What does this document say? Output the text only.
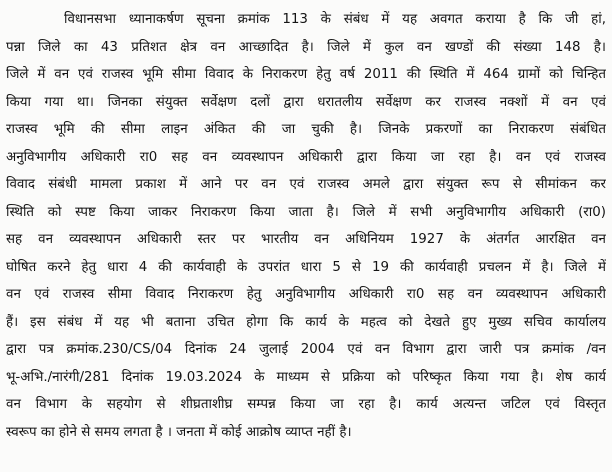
विधानसभा ध्यानाकर्षण सूचना क्रमांक 113 के संबंध में यह अवगत कराया है कि जी हां,
पन्ना जिले का 43 प्रतिशत क्षेत्र वन आच्छादित है। जिले में कुल वन खण्डों की संख्या 148 है।
जिले में वन एवं राजस्व भूमि सीमा विवाद के निराकरण हेतु वर्ष 2011 की स्थिति में 464 ग्रामों को चिन्हित
किया गया था। जिनका संयुक्त सर्वेक्षण दलों द्वारा धरातलीय सर्वेक्षण कर राजस्व नक्शों में वन एवं
राजस्व भूमि की सीमा लाइन अंकित की जा चुकी है। जिनके प्रकरणों का निराकरण संबंधित
अनुविभागीय अधिकारी रा0 सह वन व्यवस्थापन अधिकारी द्वारा किया जा रहा है। वन एवं राजस्व
विवाद संबंधी मामला प्रकाश में आने पर वन एवं राजस्व अमले द्वारा संयुक्त रूप से सीमांकन कर
स्थिति को स्पष्ट किया जाकर निराकरण किया जाता है। जिले में सभी अनुविभागीय अधिकारी (रा0)
सह वन व्यवस्थापन अधिकारी स्तर पर भारतीय वन अधिनियम 1927 के अंतर्गत आरक्षित वन
घोषित करने हेतु धारा 4 की कार्यवाही के उपरांत धारा 5 से 19 की कार्यवाही प्रचलन में है। जिले में
वन एवं राजस्व सीमा विवाद निराकरण हेतु अनुविभागीय अधिकारी रा0 सह वन व्यवस्थापन अधिकारी
हैं। इस संबंध में यह भी बताना उचित होगा कि कार्य के महत्व को देखते हुए मुख्य सचिव कार्यालय
द्वारा पत्र क्रमांक.230/CS/04 दिनांक 24 जुलाई 2004 एवं वन विभाग द्वारा जारी पत्र क्रमांक /वन
भू-अभि./नारंगी/281 दिनांक 19.03.2024 के माध्यम से प्रक्रिया को परिष्कृत किया गया है। शेष कार्य
वन विभाग के सहयोग से शीघ्रताशीघ्र सम्पन्न किया जा रहा है। कार्य अत्यन्त जटिल एवं विस्तृत
स्वरूप का होने से समय लगता है । जनता में कोई आक्रोष व्याप्त नहीं है।
